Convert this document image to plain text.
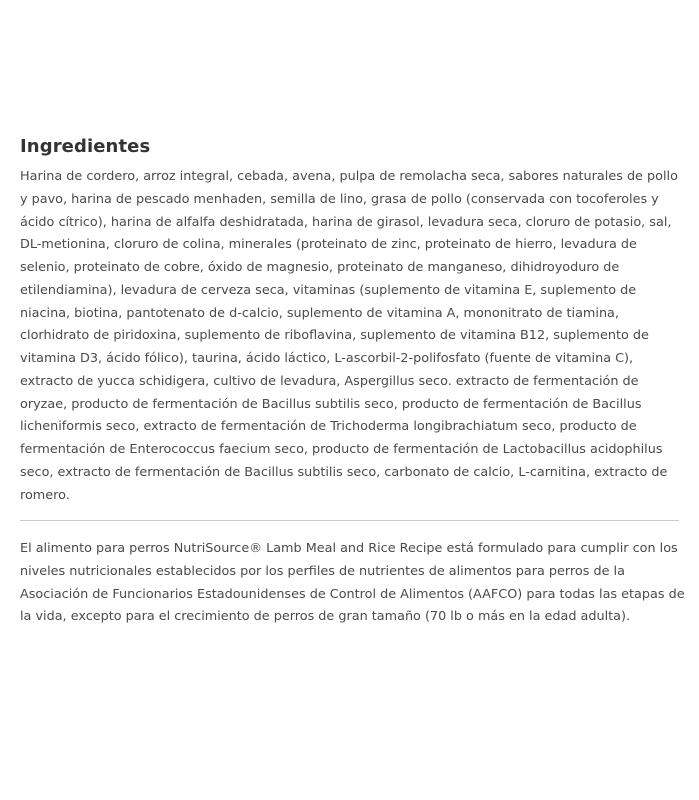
Ingredientes

Harina de cordero, arroz integral, cebada, avena, pulpa de remolacha seca, sabores naturales de pollo y pavo, harina de pescado menhaden, semilla de lino, grasa de pollo (conservada con tocoferoles y ácido cítrico), harina de alfalfa deshidratada, harina de girasol, levadura seca, cloruro de potasio, sal, DL-metionina, cloruro de colina, minerales (proteinato de zinc, proteinato de hierro, levadura de selenio, proteinato de cobre, óxido de magnesio, proteinato de manganeso, dihidroyoduro de etilendiamina), levadura de cerveza seca, vitaminas (suplemento de vitamina E, suplemento de niacina, biotina, pantotenato de d-calcio, suplemento de vitamina A, mononitrato de tiamina, clorhidrato de piridoxina, suplemento de riboflavina, suplemento de vitamina B12, suplemento de vitamina D3, ácido fólico), taurina, ácido láctico, L-ascorbil-2-polifosfato (fuente de vitamina C), extracto de yucca schidigera, cultivo de levadura, Aspergillus seco. extracto de fermentación de oryzae, producto de fermentación de Bacillus subtilis seco, producto de fermentación de Bacillus licheniformis seco, extracto de fermentación de Trichoderma longibrachiatum seco, producto de fermentación de Enterococcus faecium seco, producto de fermentación de Lactobacillus acidophilus seco, extracto de fermentación de Bacillus subtilis seco, carbonato de calcio, L-carnitina, extracto de romero.

El alimento para perros NutriSource® Lamb Meal and Rice Recipe está formulado para cumplir con los niveles nutricionales establecidos por los perfiles de nutrientes de alimentos para perros de la Asociación de Funcionarios Estadounidenses de Control de Alimentos (AAFCO) para todas las etapas de la vida, excepto para el crecimiento de perros de gran tamaño (70 lb o más en la edad adulta).
